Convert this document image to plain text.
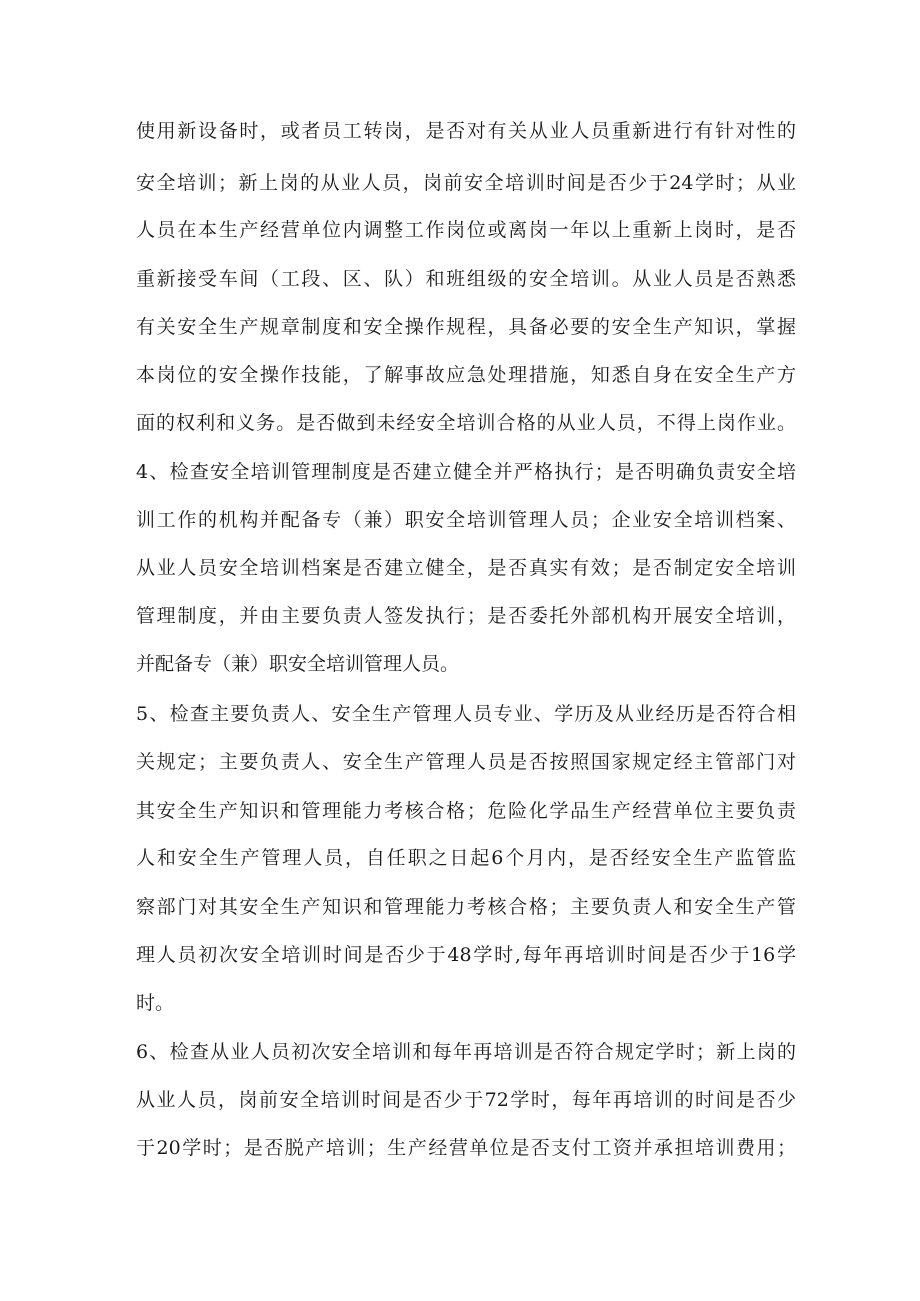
使用新设备时，或者员工转岗，是否对有关从业人员重新进行有针对性的
安全培训；新上岗的从业人员，岗前安全培训时间是否少于24学时；从业
人员在本生产经营单位内调整工作岗位或离岗一年以上重新上岗时，是否
重新接受车间（工段、区、队）和班组级的安全培训。从业人员是否熟悉
有关安全生产规章制度和安全操作规程，具备必要的安全生产知识，掌握
本岗位的安全操作技能，了解事故应急处理措施，知悉自身在安全生产方
面的权利和义务。是否做到未经安全培训合格的从业人员，不得上岗作业。
4、检查安全培训管理制度是否建立健全并严格执行；是否明确负责安全培
训工作的机构并配备专（兼）职安全培训管理人员；企业安全培训档案、
从业人员安全培训档案是否建立健全，是否真实有效；是否制定安全培训
管理制度，并由主要负责人签发执行；是否委托外部机构开展安全培训，
并配备专（兼）职安全培训管理人员。
5、检查主要负责人、安全生产管理人员专业、学历及从业经历是否符合相
关规定；主要负责人、安全生产管理人员是否按照国家规定经主管部门对
其安全生产知识和管理能力考核合格；危险化学品生产经营单位主要负责
人和安全生产管理人员，自任职之日起6个月内，是否经安全生产监管监
察部门对其安全生产知识和管理能力考核合格；主要负责人和安全生产管
理人员初次安全培训时间是否少于48学时,每年再培训时间是否少于16学
时。
6、检查从业人员初次安全培训和每年再培训是否符合规定学时；新上岗的
从业人员，岗前安全培训时间是否少于72学时，每年再培训的时间是否少
于20学时；是否脱产培训；生产经营单位是否支付工资并承担培训费用；
